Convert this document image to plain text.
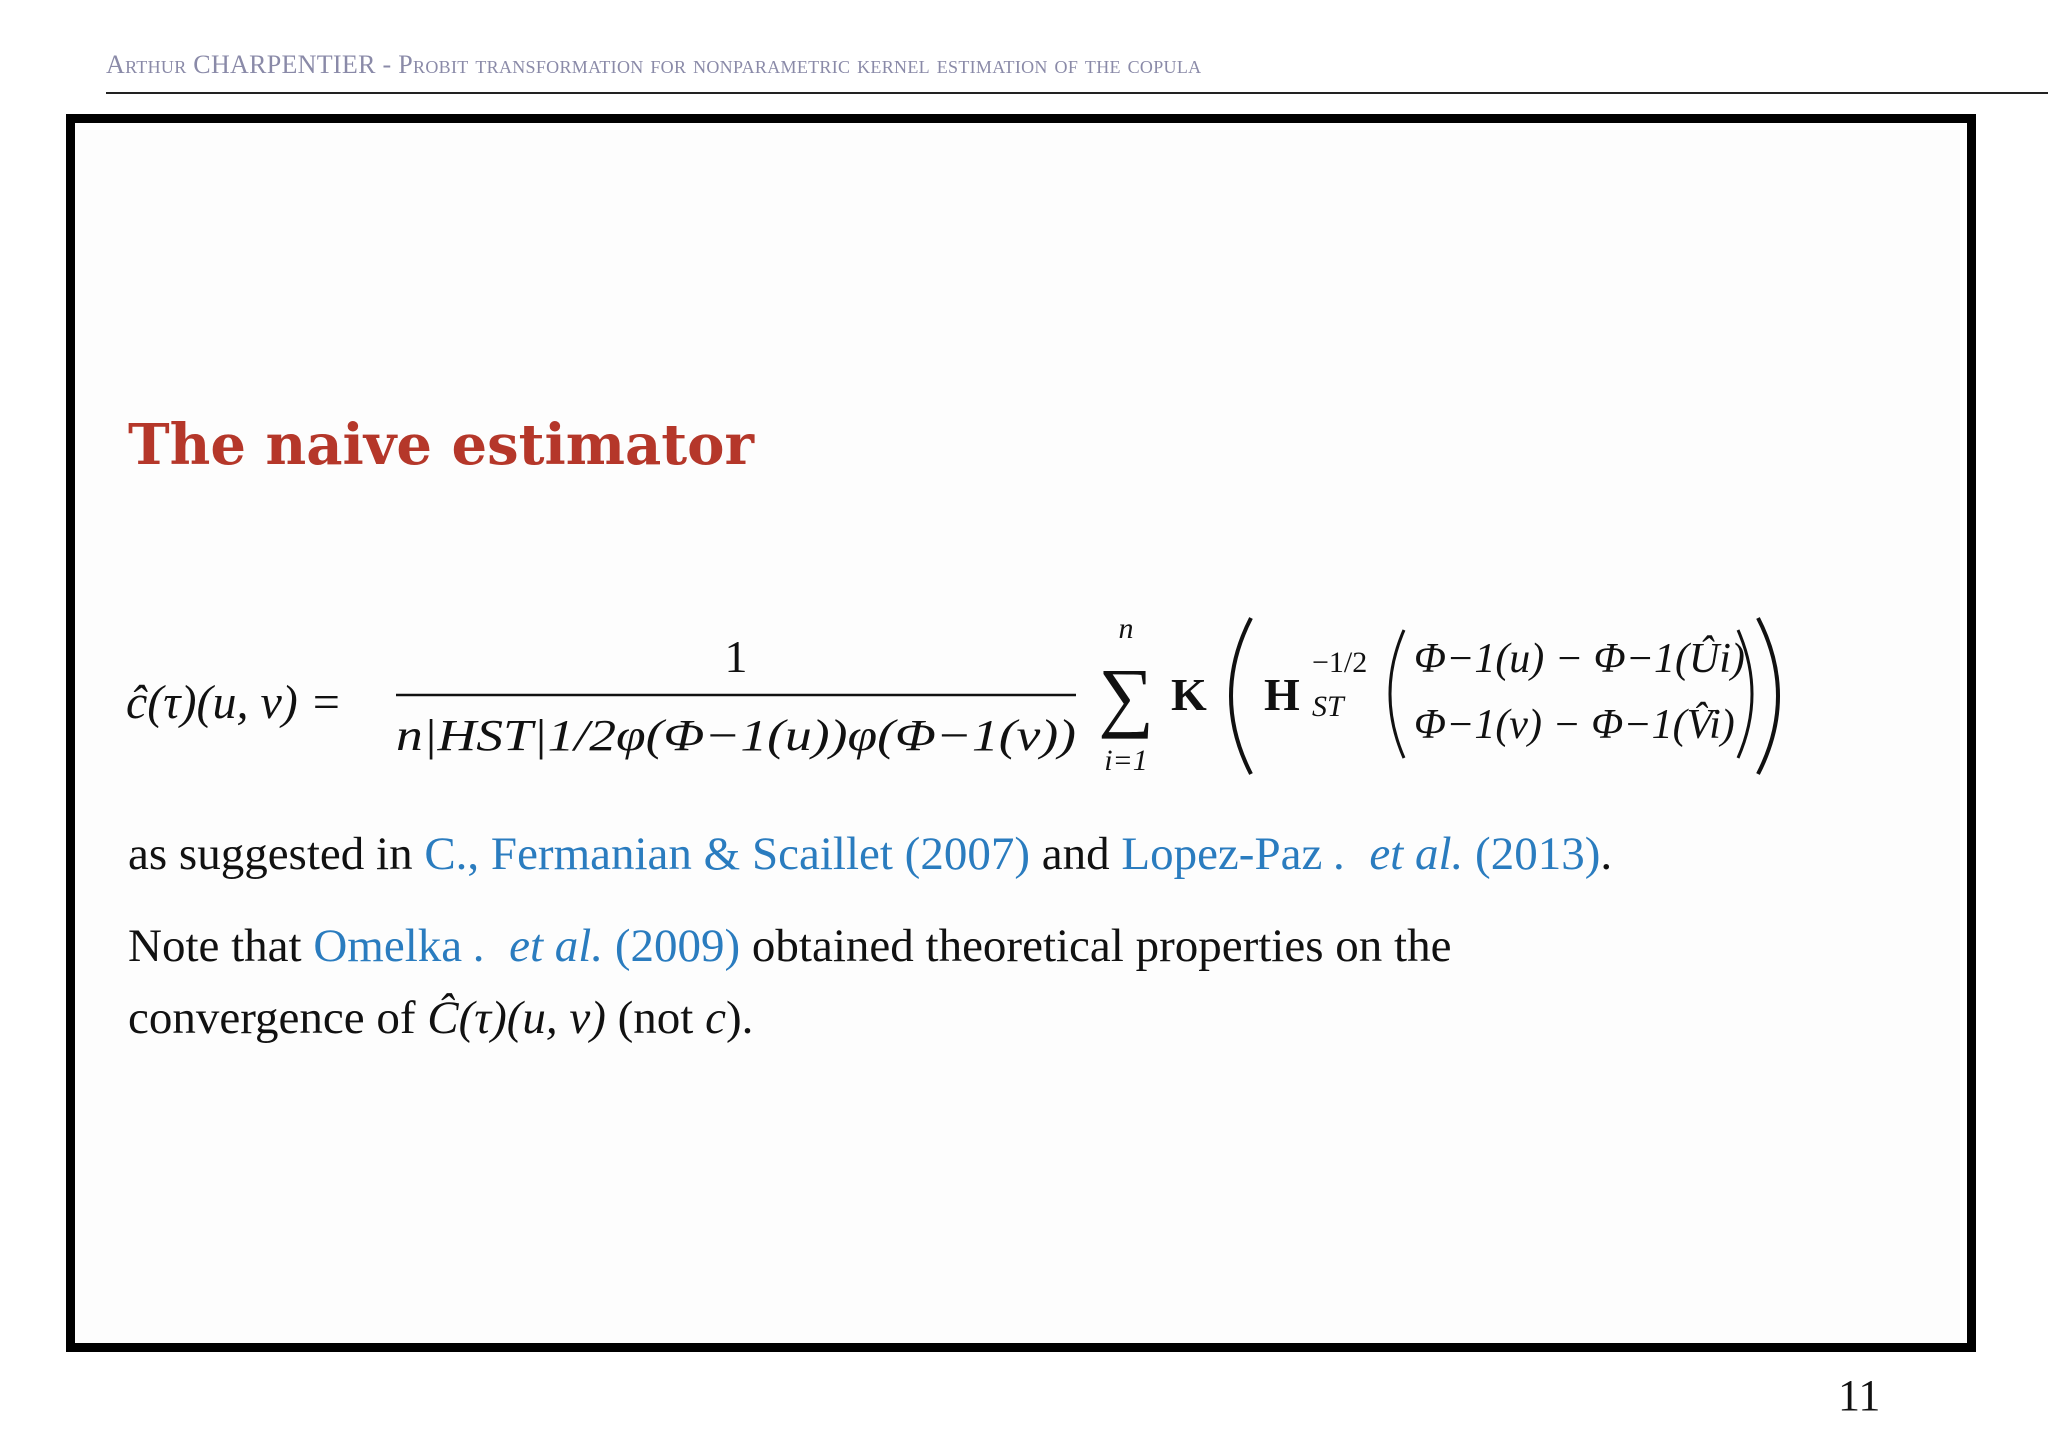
Arthur CHARPENTIER - Probit transformation for nonparametric kernel estimation of the copula
The naive estimator
ĉ(τ)(u, v) =
1
n|HST|1/2φ(Φ−1(u))φ(Φ−1(v))
n
∑
i=1
K H
−1/2
ST
Φ−1(u) − Φ−1(Ûi)
Φ−1(v) − Φ−1(V̂i)
as suggested in C., Fermanian & Scaillet (2007) and Lopez-Paz . et al. (2013).
Note that Omelka . et al. (2009) obtained theoretical properties on the
convergence of Ĉ(τ)(u, v) (not c).
11
